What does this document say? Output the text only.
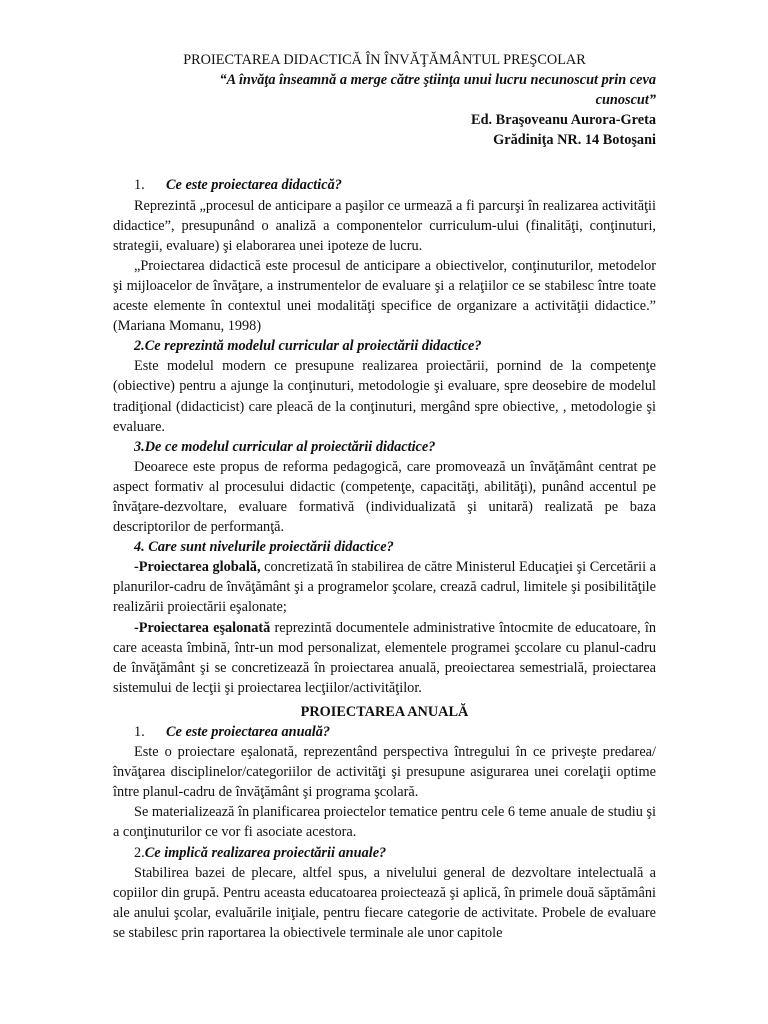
PROIECTAREA DIDACTICĂ ÎN ÎNVĂŢĂMÂNTUL PREŞCOLAR

“A învăţa înseamnă a merge către ştiinţa unui lucru necunoscut prin ceva

cunoscut”

Ed. Braşoveanu Aurora-Greta

Grădiniţa NR. 14 Botoşani

1. Ce este proiectarea didactică?

Reprezintă „procesul de anticipare a paşilor ce urmează a fi parcurşi în realizarea activităţii didactice”, presupunând o analiză a componentelor curriculum-ului (finalităţi, conţinuturi, strategii, evaluare) şi elaborarea unei ipoteze de lucru.

„Proiectarea didactică este procesul de anticipare a obiectivelor, conţinuturilor, metodelor şi mijloacelor de învăţare, a instrumentelor de evaluare şi a relaţiilor ce se stabilesc între toate aceste elemente în contextul unei modalităţi specifice de organizare a activităţii didactice.” (Mariana Momanu, 1998)

2.Ce reprezintă modelul curricular al proiectării didactice?

Este modelul modern ce presupune realizarea proiectării, pornind de la competenţe (obiective) pentru a ajunge la conţinuturi, metodologie şi evaluare, spre deosebire de modelul tradiţional (didacticist) care pleacă de la conţinuturi, mergând spre obiective, , metodologie şi evaluare.

3.De ce modelul curricular al proiectării didactice?

Deoarece este propus de reforma pedagogică, care promovează un învăţământ centrat pe aspect formativ al procesului didactic (competenţe, capacităţi, abilităţi), punând accentul pe învăţare-dezvoltare, evaluare formativă (individualizată şi unitară) realizată pe baza descriptorilor de performanţă.

4. Care sunt nivelurile proiectării didactice?

-Proiectarea globală, concretizată în stabilirea de către Ministerul Educaţiei şi Cercetării a planurilor-cadru de învăţământ şi a programelor şcolare, crează cadrul, limitele şi posibilităţile realizării proiectării eşalonate;

-Proiectarea eşalonată reprezintă documentele administrative întocmite de educatoare, în care aceasta îmbină, într-un mod personalizat, elementele programei şccolare cu planul-cadru de învăţământ şi se concretizează în proiectarea anuală, preoiectarea semestrială, proiectarea sistemului de lecţii şi proiectarea lecţiilor/activităţilor.

PROIECTAREA ANUALĂ

1. Ce este proiectarea anuală?

Este o proiectare eşalonată, reprezentând perspectiva întregului în ce priveşte predarea/învăţarea disciplinelor/categoriilor de activităţi şi presupune asigurarea unei corelaţii optime între planul-cadru de învăţământ şi programa şcolară.

Se materializează în planificarea proiectelor tematice pentru cele 6 teme anuale de studiu şi a conţinuturilor ce vor fi asociate acestora.

2.Ce implică realizarea proiectării anuale?

Stabilirea bazei de plecare, altfel spus, a nivelului general de dezvoltare intelectuală a copiilor din grupă. Pentru aceasta educatoarea proiectează şi aplică, în primele două săptămâni ale anului şcolar, evaluările iniţiale, pentru fiecare categorie de activitate. Probele de evaluare se stabilesc prin raportarea la obiectivele terminale ale unor capitole
